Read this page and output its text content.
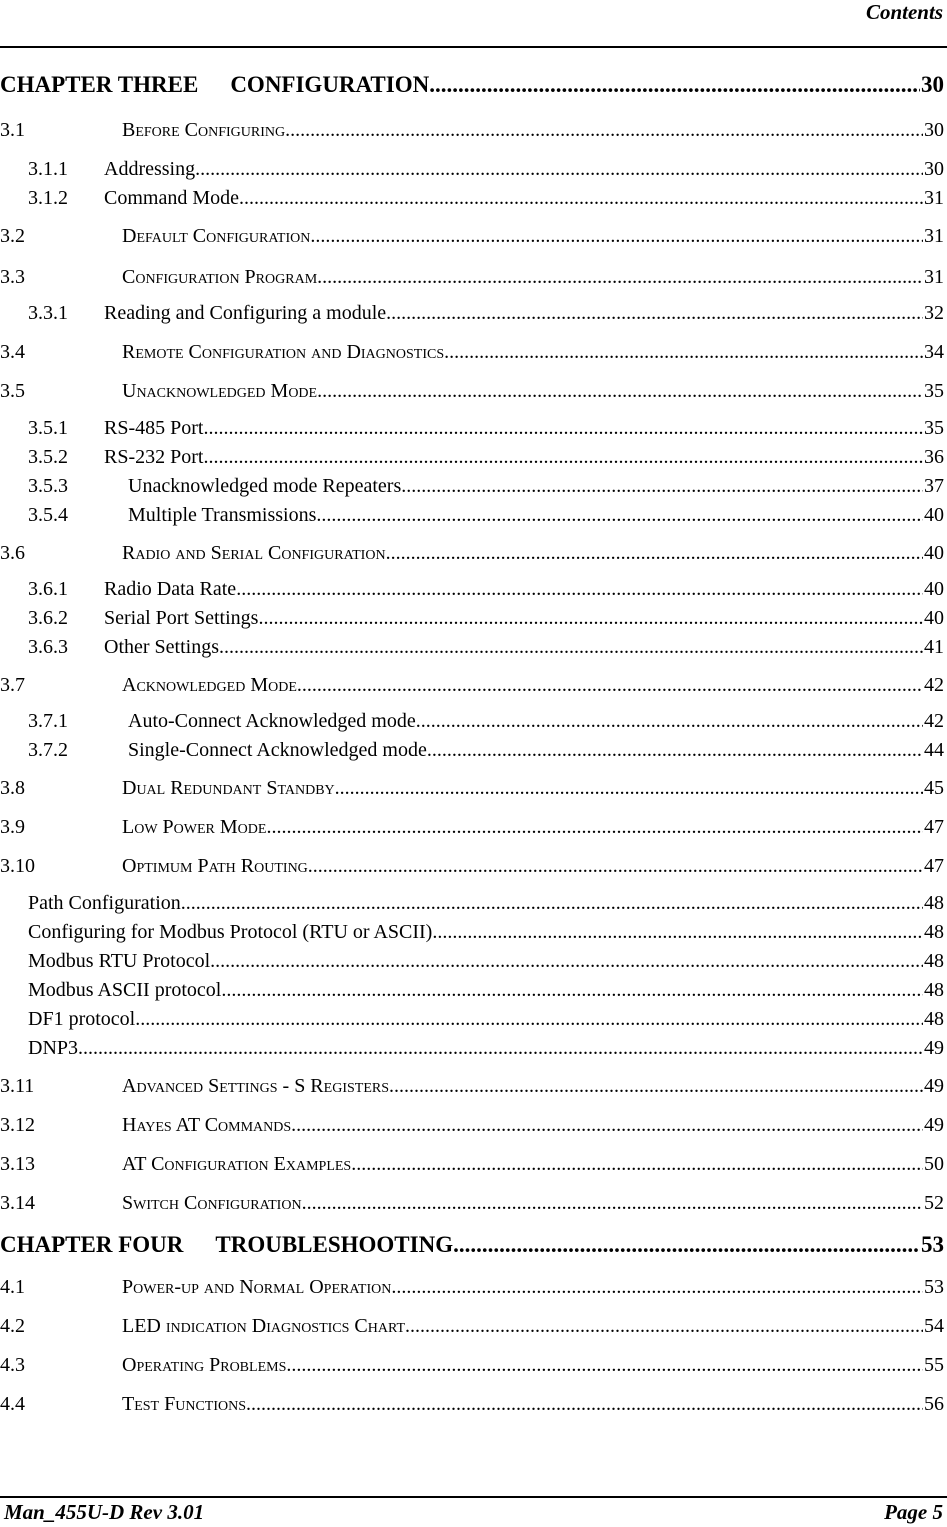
Contents
CHAPTER THREE CONFIGURATION .....	30
3.1	Before Configuring .....	30
3.1.1	Addressing .....	30
3.1.2	Command Mode .....	31
3.2	Default Configuration .....	31
3.3	Configuration Program .....	31
3.3.1	Reading and Configuring a module .....	32
3.4	Remote Configuration and Diagnostics .....	34
3.5	Unacknowledged Mode .....	35
3.5.1	RS-485 Port .....	35
3.5.2	RS-232 Port .....	36
3.5.3	Unacknowledged mode Repeaters .....	37
3.5.4	Multiple Transmissions .....	40
3.6	Radio and Serial Configuration .....	40
3.6.1	Radio Data Rate .....	40
3.6.2	Serial Port Settings .....	40
3.6.3	Other Settings .....	41
3.7	Acknowledged Mode .....	42
3.7.1	Auto-Connect Acknowledged mode .....	42
3.7.2	Single-Connect Acknowledged mode .....	44
3.8	Dual Redundant Standby .....	45
3.9	Low Power Mode .....	47
3.10	Optimum Path Routing .....	47
Path Configuration .....	48
Configuring for Modbus Protocol (RTU or ASCII) .....	48
Modbus RTU Protocol .....	48
Modbus ASCII protocol .....	48
DF1 protocol .....	48
DNP3 .....	49
3.11	Advanced Settings - S Registers .....	49
3.12	Hayes AT Commands .....	49
3.13	AT Configuration Examples .....	50
3.14	Switch Configuration .....	52
CHAPTER FOUR TROUBLESHOOTING .....	53
4.1	Power-up and Normal Operation .....	53
4.2	LED indication Diagnostics Chart .....	54
4.3	Operating Problems .....	55
4.4	Test Functions .....	56
Man_455U-D Rev 3.01	Page 5
